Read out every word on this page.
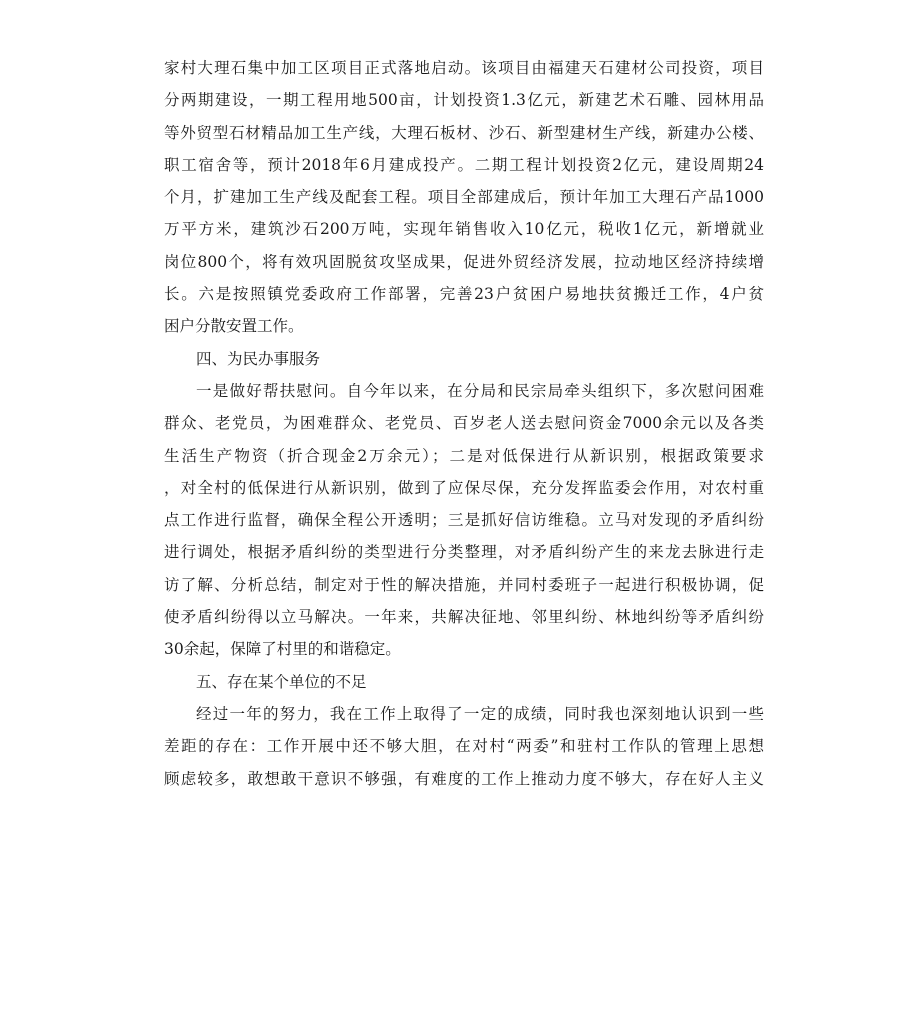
家村大理石集中加工区项目正式落地启动。该项目由福建天石建材公司投资，项目
分两期建设，一期工程用地500亩，计划投资1.3亿元，新建艺术石雕、园林用品
等外贸型石材精品加工生产线，大理石板材、沙石、新型建材生产线，新建办公楼、
职工宿舍等，预计2018年6月建成投产。二期工程计划投资2亿元，建设周期24
个月，扩建加工生产线及配套工程。项目全部建成后，预计年加工大理石产品1000
万平方米，建筑沙石200万吨，实现年销售收入10亿元，税收1亿元，新增就业
岗位800个，将有效巩固脱贫攻坚成果，促进外贸经济发展，拉动地区经济持续增
长。六是按照镇党委政府工作部署，完善23户贫困户易地扶贫搬迁工作，4户贫
困户分散安置工作。
四、为民办事服务
一是做好帮扶慰问。自今年以来，在分局和民宗局牵头组织下，多次慰问困难
群众、老党员，为困难群众、老党员、百岁老人送去慰问资金7000余元以及各类
生活生产物资（折合现金2万余元）；二是对低保进行从新识别，根据政策要求
，对全村的低保进行从新识别，做到了应保尽保，充分发挥监委会作用，对农村重
点工作进行监督，确保全程公开透明；三是抓好信访维稳。立马对发现的矛盾纠纷
进行调处，根据矛盾纠纷的类型进行分类整理，对矛盾纠纷产生的来龙去脉进行走
访了解、分析总结，制定对于性的解决措施，并同村委班子一起进行积极协调，促
使矛盾纠纷得以立马解决。一年来，共解决征地、邻里纠纷、林地纠纷等矛盾纠纷
30余起，保障了村里的和谐稳定。
五、存在某个单位的不足
经过一年的努力，我在工作上取得了一定的成绩，同时我也深刻地认识到一些
差距的存在：工作开展中还不够大胆，在对村“两委”和驻村工作队的管理上思想
顾虑较多，敢想敢干意识不够强，有难度的工作上推动力度不够大，存在好人主义
